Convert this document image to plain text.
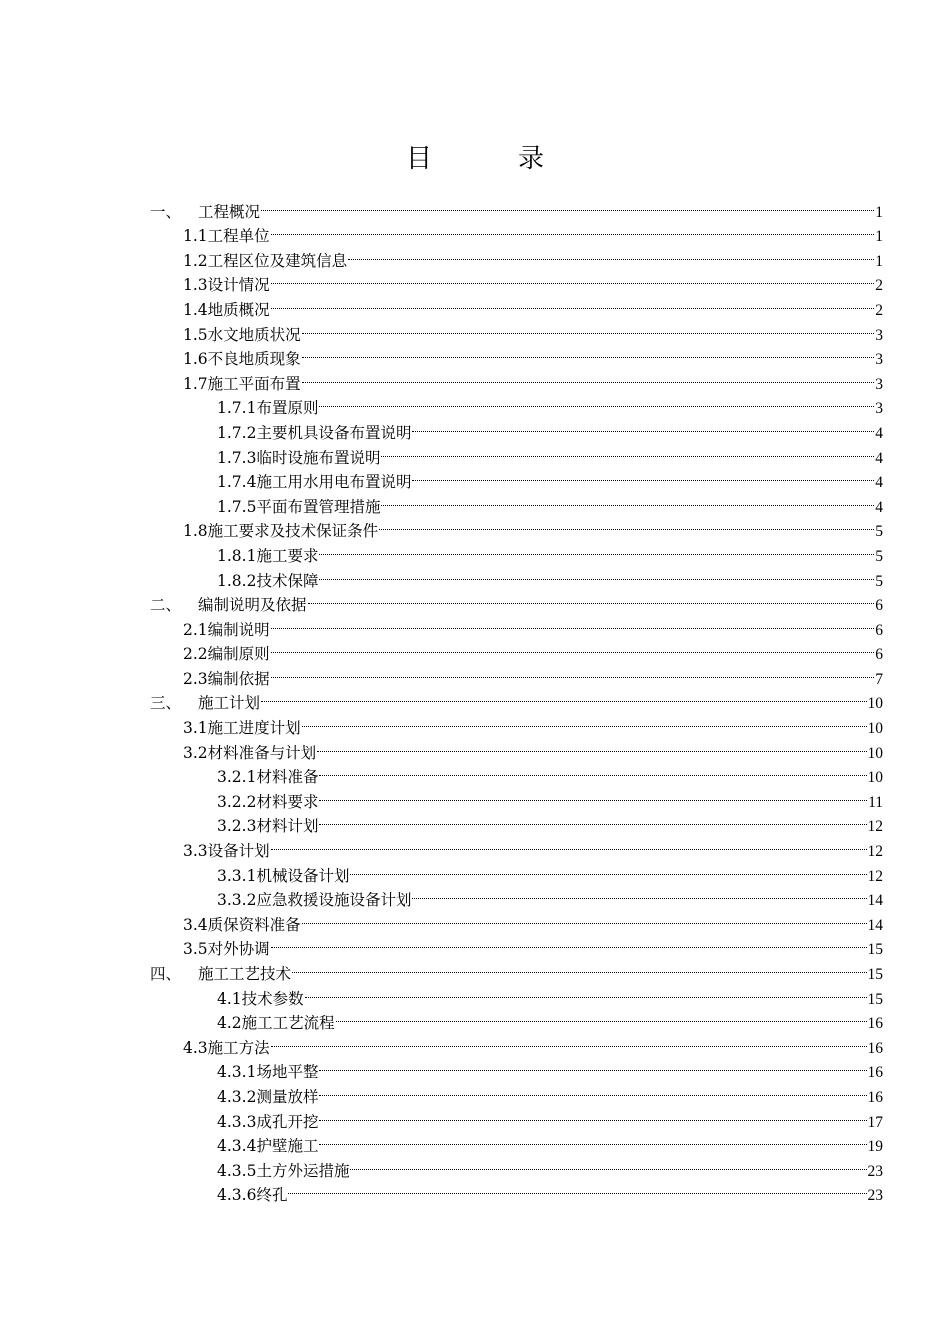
目　录
一、	工程概况	1
1.1 工程单位	1
1.2 工程区位及建筑信息	1
1.3 设计情况	2
1.4 地质概况	2
1.5 水文地质状况	3
1.6 不良地质现象	3
1.7 施工平面布置	3
1.7.1 布置原则	3
1.7.2 主要机具设备布置说明	4
1.7.3 临时设施布置说明	4
1.7.4 施工用水用电布置说明	4
1.7.5 平面布置管理措施	4
1.8 施工要求及技术保证条件	5
1.8.1 施工要求	5
1.8.2 技术保障	5
二、	编制说明及依据	6
2.1 编制说明	6
2.2 编制原则	6
2.3 编制依据	7
三、	施工计划	10
3.1 施工进度计划	10
3.2 材料准备与计划	10
3.2.1 材料准备	10
3.2.2 材料要求	11
3.2.3 材料计划	12
3.3 设备计划	12
3.3.1 机械设备计划	12
3.3.2 应急救援设施设备计划	14
3.4 质保资料准备	14
3.5 对外协调	15
四、	施工工艺技术	15
4.1 技术参数	15
4.2 施工工艺流程	16
4.3 施工方法	16
4.3.1 场地平整	16
4.3.2 测量放样	16
4.3.3 成孔开挖	17
4.3.4 护壁施工	19
4.3.5 土方外运措施	23
4.3.6 终孔	23
